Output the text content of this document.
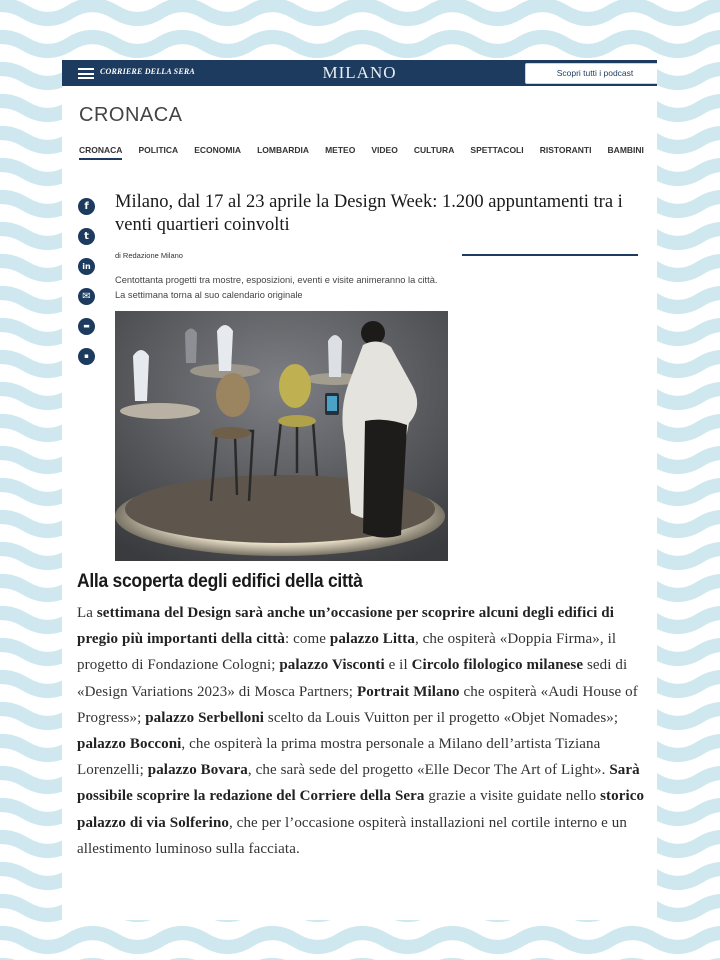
CORRIERE DELLA SERA	MILANO	Scopri tutti i podcast
CRONACA
CRONACA POLITICA ECONOMIA LOMBARDIA METEO VIDEO CULTURA SPETTACOLI RISTORANTI BAMBINI
f
t
in
✉
▬
▪
Milano, dal 17 al 23 aprile la Design Week: 1.200 appuntamenti tra i venti quartieri coinvolti
di Redazione Milano
Centottanta progetti tra mostre, esposizioni, eventi e visite animeranno la città. La settimana torna al suo calendario originale
Alla scoperta degli edifici della città
La settimana del Design sarà anche un’occasione per scoprire alcuni degli edifici di pregio più importanti della città: come palazzo Litta, che ospiterà «Doppia Firma», il progetto di Fondazione Cologni; palazzo Visconti e il Circolo filologico milanese sedi di «Design Variations 2023» di Mosca Partners; Portrait Milano che ospiterà «Audi House of Progress»; palazzo Serbelloni scelto da Louis Vuitton per il progetto «Objet Nomades»; palazzo Bocconi, che ospiterà la prima mostra personale a Milano dell’artista Tiziana Lorenzelli; palazzo Bovara, che sarà sede del progetto «Elle Decor The Art of Light». Sarà possibile scoprire la redazione del Corriere della Sera grazie a visite guidate nello storico palazzo di via Solferino, che per l’occasione ospiterà installazioni nel cortile interno e un allestimento luminoso sulla facciata.
